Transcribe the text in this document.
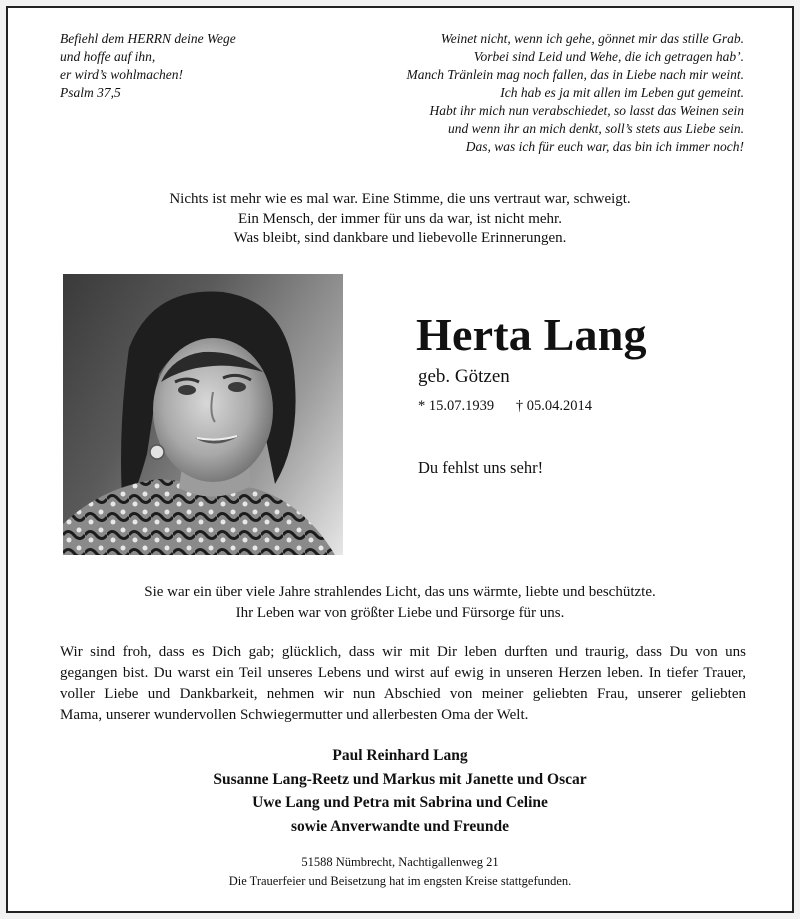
Befiehl dem HERRN deine Wege
und hoffe auf ihn,
er wird’s wohlmachen!
Psalm 37,5
Weinet nicht, wenn ich gehe, gönnet mir das stille Grab.
Vorbei sind Leid und Wehe, die ich getragen hab’.
Manch Tränlein mag noch fallen, das in Liebe nach mir weint.
Ich hab es ja mit allen im Leben gut gemeint.
Habt ihr mich nun verabschiedet, so lasst das Weinen sein
und wenn ihr an mich denkt, soll’s stets aus Liebe sein.
Das, was ich für euch war, das bin ich immer noch!
Nichts ist mehr wie es mal war. Eine Stimme, die uns vertraut war, schweigt.
Ein Mensch, der immer für uns da war, ist nicht mehr.
Was bleibt, sind dankbare und liebevolle Erinnerungen.
Herta Lang
geb. Götzen
* 15.07.1939 † 05.04.2014
Du fehlst uns sehr!
Sie war ein über viele Jahre strahlendes Licht, das uns wärmte, liebte und beschützte.
Ihr Leben war von größter Liebe und Fürsorge für uns.
Wir sind froh, dass es Dich gab; glücklich, dass wir mit Dir leben durften und traurig, dass Du von uns
gegangen bist. Du warst ein Teil unseres Lebens und wirst auf ewig in unseren Herzen leben. In tiefer Trauer,
voller Liebe und Dankbarkeit, nehmen wir nun Abschied von meiner geliebten Frau, unserer geliebten
Mama, unserer wundervollen Schwiegermutter und allerbesten Oma der Welt.
Paul Reinhard Lang
Susanne Lang-Reetz und Markus mit Janette und Oscar
Uwe Lang und Petra mit Sabrina und Celine
sowie Anverwandte und Freunde
51588 Nümbrecht, Nachtigallenweg 21
Die Trauerfeier und Beisetzung hat im engsten Kreise stattgefunden.
